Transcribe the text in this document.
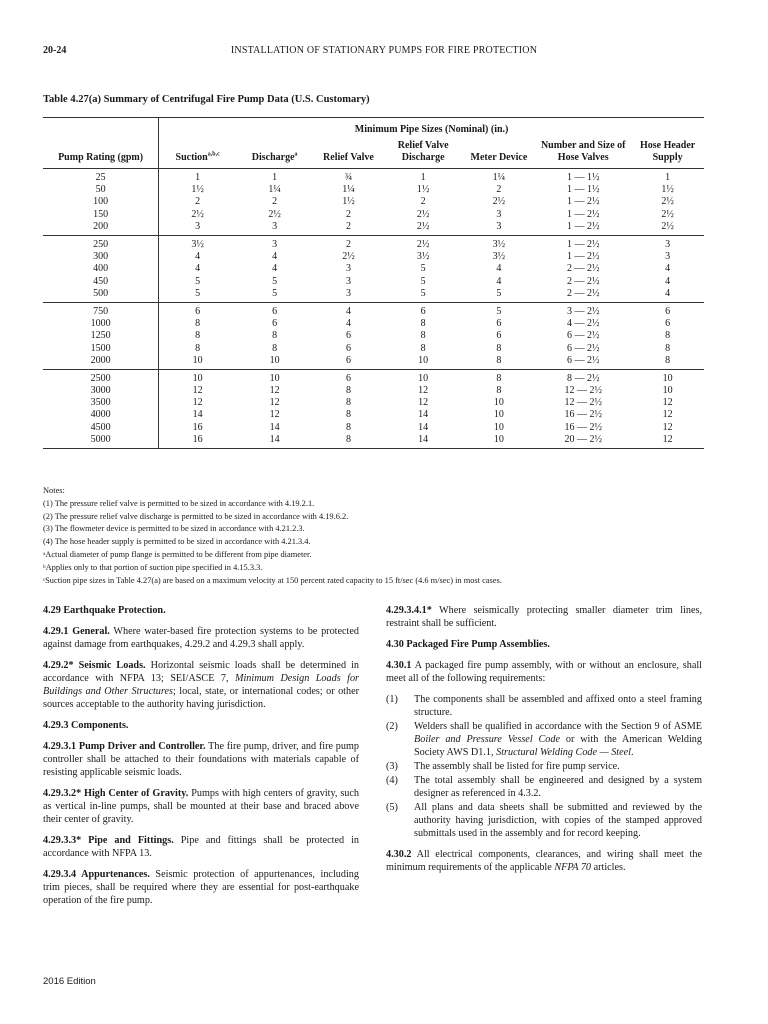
20-24	INSTALLATION OF STATIONARY PUMPS FOR FIRE PROTECTION
Table 4.27(a) Summary of Centrifugal Fire Pump Data (U.S. Customary)
	Minimum Pipe Sizes (Nominal) (in.)						
Pump Rating (gpm)	Suction$^{a,b,c}$	Discharge$^a$	Relief Valve	Relief Valve Discharge	Meter Device	Number and Size of Hose Valves	Hose Header Supply
25	1	1	¾	1	1¼	1 — 1½	1
50	1½	1¼	1¼	1½	2	1 — 1½	1½
100	2	2	1½	2	2½	1 — 2½	2½
150	2½	2½	2	2½	3	1 — 2½	2½
200	3	3	2	2½	3	1 — 2½	2½
250	3½	3	2	2½	3½	1 — 2½	3
300	4	4	2½	3½	3½	1 — 2½	3
400	4	4	3	5	4	2 — 2½	4
450	5	5	3	5	4	2 — 2½	4
500	5	5	3	5	5	2 — 2½	4
750	6	6	4	6	5	3 — 2½	6
1000	8	6	4	8	6	4 — 2½	6
1250	8	8	6	8	6	6 — 2½	8
1500	8	8	6	8	8	6 — 2½	8
2000	10	10	6	10	8	6 — 2½	8
2500	10	10	6	10	8	8 — 2½	10
3000	12	12	8	12	8	12 — 2½	10
3500	12	12	8	12	10	12 — 2½	12
4000	14	12	8	14	10	16 — 2½	12
4500	16	14	8	14	10	16 — 2½	12
5000	16	14	8	14	10	20 — 2½	12

Notes:

(1) The pressure relief valve is permitted to be sized in accordance with 4.19.2.1.

(2) The pressure relief valve discharge is permitted to be sized in accordance with 4.19.6.2.

(3) The flowmeter device is permitted to be sized in accordance with 4.21.2.3.

(4) The hose header supply is permitted to be sized in accordance with 4.21.3.4.

ᵃActual diameter of pump flange is permitted to be different from pipe diameter.

ᵇApplies only to that portion of suction pipe specified in 4.15.3.3.

ᶜSuction pipe sizes in Table 4.27(a) are based on a maximum velocity at 150 percent rated capacity to 15 ft/sec (4.6 m/sec) in most cases.

4.29 Earthquake Protection.

4.29.1 General. Where water-based fire protection systems to be protected against damage from earthquakes, 4.29.2 and 4.29.3 shall apply.

4.29.2* Seismic Loads. Horizontal seismic loads shall be determined in accordance with NFPA 13; SEI/ASCE 7, Minimum Design Loads for Buildings and Other Structures; local, state, or international codes; or other sources acceptable to the authority having jurisdiction.

4.29.3 Components.

4.29.3.1 Pump Driver and Controller. The fire pump, driver, and fire pump controller shall be attached to their foundations with materials capable of resisting applicable seismic loads.

4.29.3.2* High Center of Gravity. Pumps with high centers of gravity, such as vertical in-line pumps, shall be mounted at their base and braced above their center of gravity.

4.29.3.3* Pipe and Fittings. Pipe and fittings shall be protected in accordance with NFPA 13.

4.29.3.4 Appurtenances. Seismic protection of appurtenances, including trim pieces, shall be required where they are essential for post-earthquake operation of the fire pump.

4.29.3.4.1* Where seismically protecting smaller diameter trim lines, restraint shall be sufficient.

4.30 Packaged Fire Pump Assemblies.

4.30.1 A packaged fire pump assembly, with or without an enclosure, shall meet all of the following requirements:

(1) The components shall be assembled and affixed onto a steel framing structure.
(2) Welders shall be qualified in accordance with the Section 9 of ASME Boiler and Pressure Vessel Code or with the American Welding Society AWS D1.1, Structural Welding Code — Steel.
(3) The assembly shall be listed for fire pump service.
(4) The total assembly shall be engineered and designed by a system designer as referenced in 4.3.2.
(5) All plans and data sheets shall be submitted and reviewed by the authority having jurisdiction, with copies of the stamped approved submittals used in the assembly and for record keeping.

4.30.2 All electrical components, clearances, and wiring shall meet the minimum requirements of the applicable NFPA 70 articles.

2016 Edition
